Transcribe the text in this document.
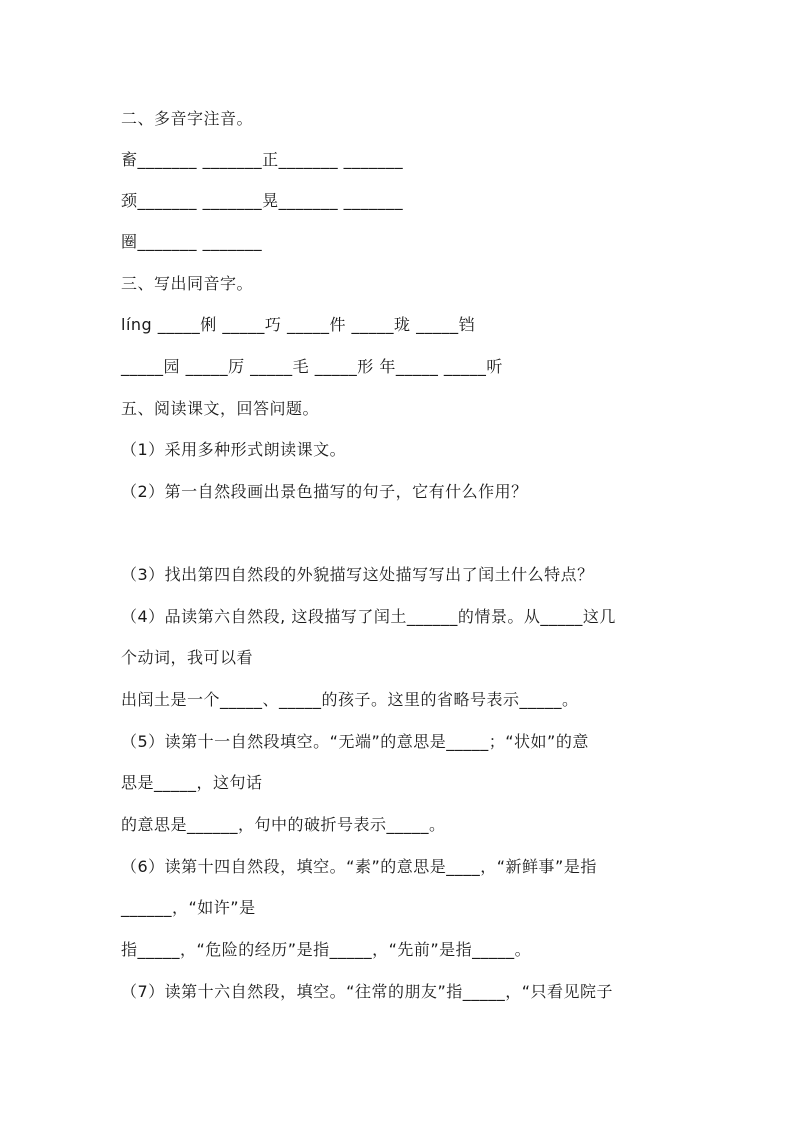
二、多音字注音。
畜_______ _______正_______ _______
颈_______ _______晃_______ _______
圈_______ _______
三、写出同音字。
líng _____俐 _____巧 _____件 _____珑 _____铛
_____园 _____厉 _____毛 _____形 年_____ _____听
五、阅读课文，回答问题。
（1）采用多种形式朗读课文。
（2）第一自然段画出景色描写的句子，它有什么作用？
（3）找出第四自然段的外貌描写这处描写写出了闰土什么特点？
（4）品读第六自然段, 这段描写了闰土______的情景。从_____这几
个动词，我可以看
出闰土是一个_____、_____的孩子。这里的省略号表示_____。
（5）读第十一自然段填空。“无端”的意思是_____；“状如”的意
思是_____，这句话
的意思是______，句中的破折号表示_____。
（6）读第十四自然段，填空。“素”的意思是____，“新鲜事”是指
______，“如许”是
指_____，“危险的经历”是指_____，“先前”是指_____。
（7）读第十六自然段，填空。“往常的朋友”指_____，“只看见院子
